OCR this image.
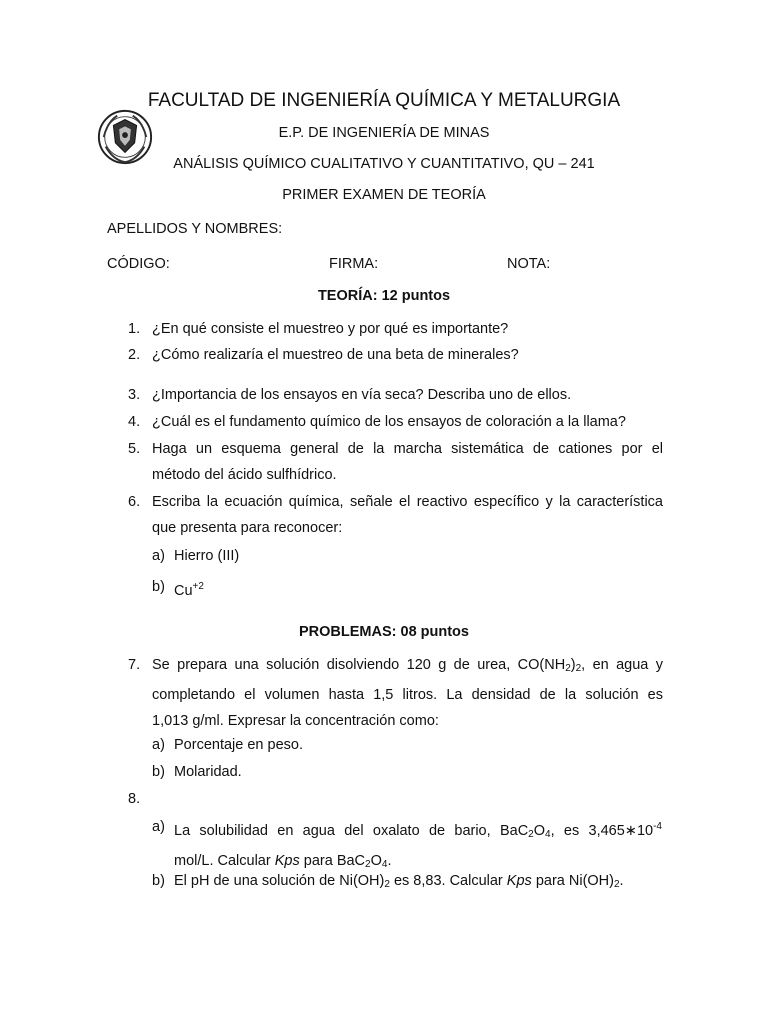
FACULTAD DE INGENIERÍA QUÍMICA Y METALURGIA
E.P. DE INGENIERÍA DE MINAS
ANÁLISIS QUÍMICO CUALITATIVO Y CUANTITATIVO, QU – 241
PRIMER EXAMEN DE TEORÍA
APELLIDOS Y NOMBRES:
CÓDIGO:	FIRMA:	NOTA:
TEORÍA: 12 puntos
1. ¿En qué consiste el muestreo y por qué es importante?
2. ¿Cómo realizaría el muestreo de una beta de minerales?
3. ¿Importancia de los ensayos en vía seca? Describa uno de ellos.
4. ¿Cuál es el fundamento químico de los ensayos de coloración a la llama?
5. Haga un esquema general de la marcha sistemática de cationes por el
método del ácido sulfhídrico.
6. Escriba la ecuación química, señale el reactivo específico y la característica
que presenta para reconocer:
a) Hierro (III)
b) $Cu^{+2}$
PROBLEMAS: 08 puntos
7. Se prepara una solución disolviendo 120 g de urea, $CO(NH_2)_2$, en agua y
completando el volumen hasta 1,5 litros. La densidad de la solución es
1,013 g/ml. Expresar la concentración como:
a) Porcentaje en peso.
b) Molaridad.
8.
a) La solubilidad en agua del oxalato de bario, $BaC_2O_4$, es $3,465∗10^{-4}$
mol/L. Calcular Kps para $BaC_2O_4$.
b) El pH de una solución de $Ni(OH)_2$ es 8,83. Calcular Kps para $Ni(OH)_2$.
